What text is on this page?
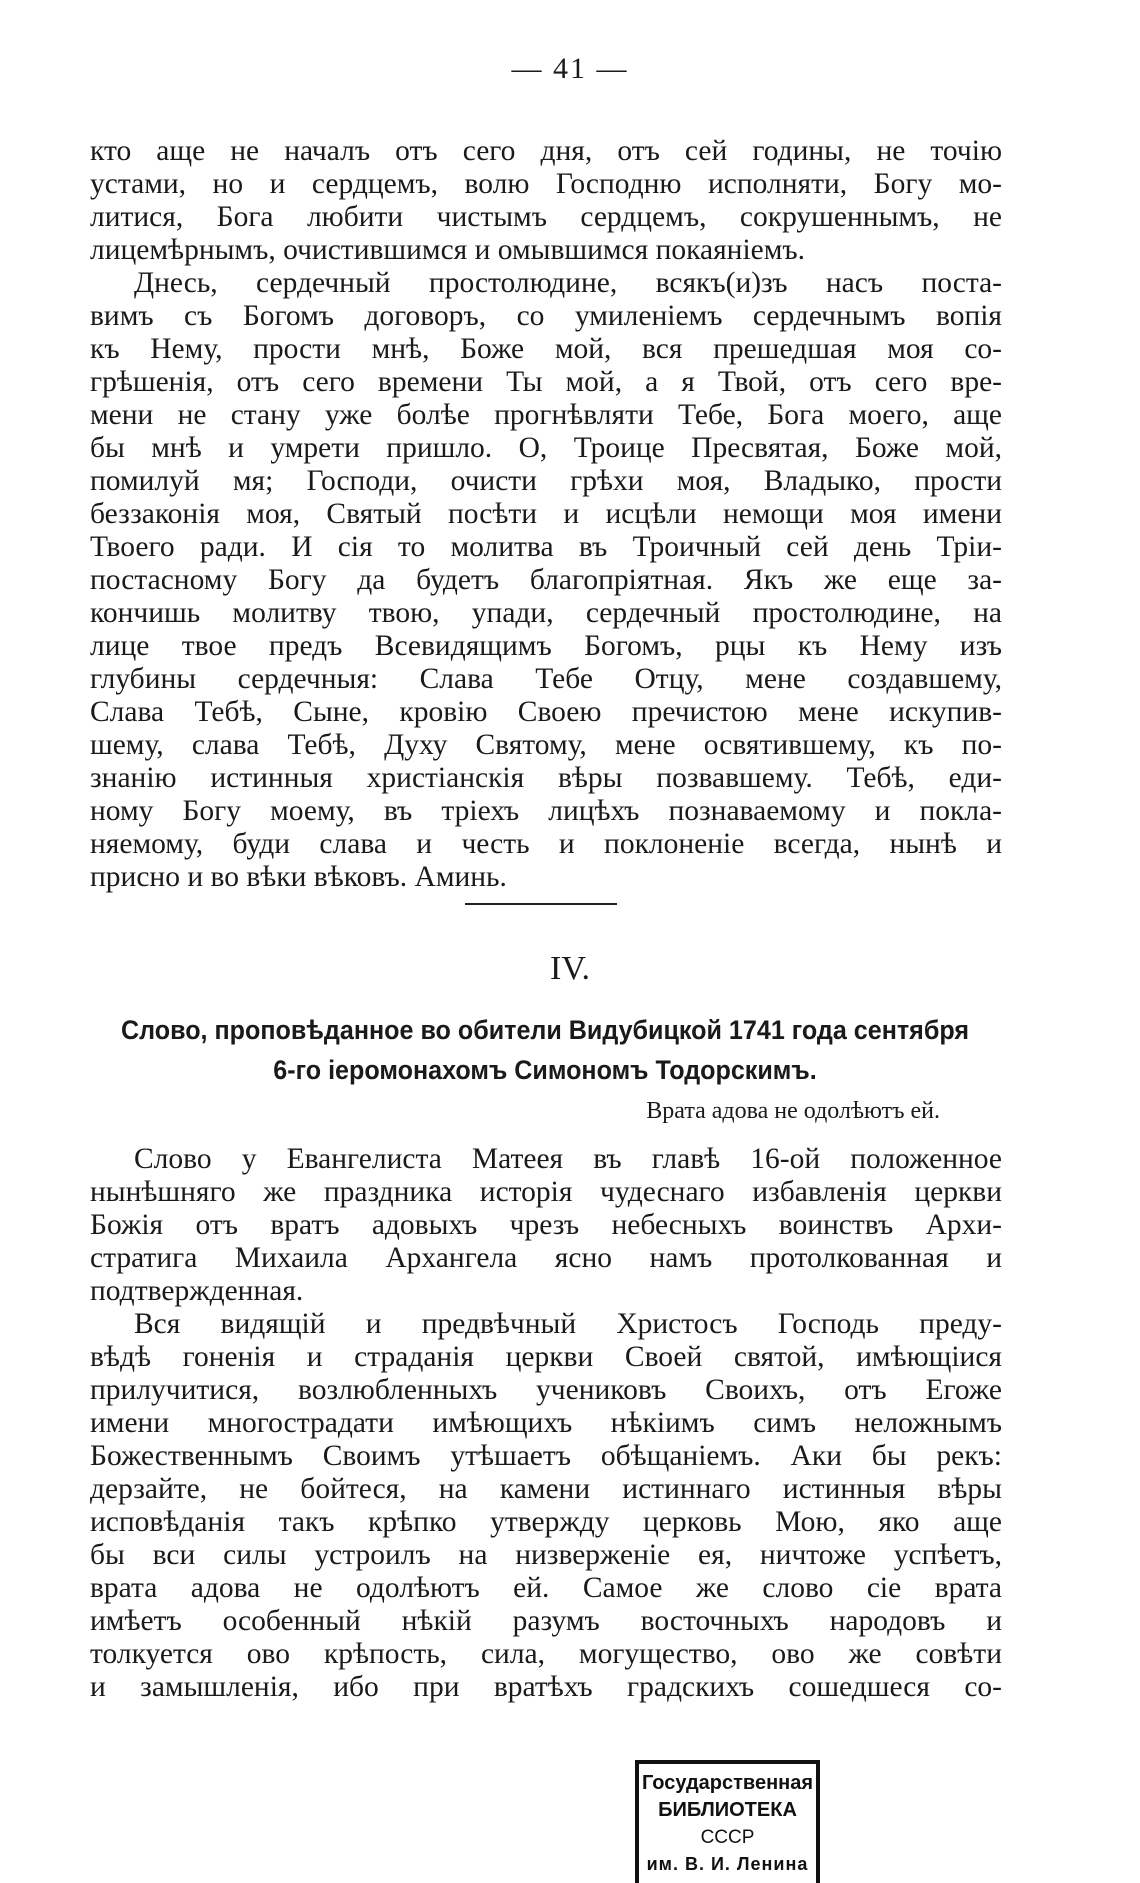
— 41 —
кто аще не началъ отъ сего дня, отъ сей годины, не точію
устами, но и сердцемъ, волю Господню исполняти, Богу мо-
литися, Бога любити чистымъ сердцемъ, сокрушеннымъ, не
лицемѣрнымъ, очистившимся и омывшимся покаяніемъ.
Днесь, сердечный простолюдине, всякъ(и)зъ насъ поста-
вимъ съ Богомъ договоръ, со умиленіемъ сердечнымъ вопія
къ Нему, прости мнѣ, Боже мой, вся прешедшая моя со-
грѣшенія, отъ сего времени Ты мой, а я Твой, отъ сего вре-
мени не стану уже болѣе прогнѣвляти Тебе, Бога моего, аще
бы мнѣ и умрети пришло. О, Троице Пресвятая, Боже мой,
помилуй мя; Господи, очисти грѣхи моя, Владыко, прости
беззаконія моя, Святый посѣти и исцѣли немощи моя имени
Твоего ради. И сія то молитва въ Троичный сей день Тріи-
постасному Богу да будетъ благопріятная. Якъ же еще за-
кончишь молитву твою, упади, сердечный простолюдине, на
лице твое предъ Всевидящимъ Богомъ, рцы къ Нему изъ
глубины сердечныя: Слава Тебе Отцу, мене создавшему,
Слава Тебѣ, Сыне, кровію Своею пречистою мене искупив-
шему, слава Тебѣ, Духу Святому, мене освятившему, къ по-
знанію истинныя христіанскія вѣры позвавшему. Тебѣ, еди-
ному Богу моему, въ тріехъ лицѣхъ познаваемому и покла-
няемому, буди слава и честь и поклоненіе всегда, нынѣ и
присно и во вѣки вѣковъ. Аминь.
IV.
Слово, проповѣданное во обители Видубицкой 1741 года сентября
6-го іеромонахомъ Симономъ Тодорскимъ.
Врата адова не одолѣютъ ей.
Слово у Евангелиста Матеея въ главѣ 16-ой положенное
нынѣшняго же праздника исторія чудеснаго избавленія церкви
Божія отъ вратъ адовыхъ чрезъ небесныхъ воинствъ Архи-
стратига Михаила Архангела ясно намъ протолкованная и
подтвержденная.
Вся видящій и предвѣчный Христосъ Господь преду-
вѣдѣ гоненія и страданія церкви Своей святой, имѣющіися
прилучитися, возлюбленныхъ учениковъ Своихъ, отъ Егоже
имени многострадати имѣющихъ нѣкіимъ симъ неложнымъ
Божественнымъ Своимъ утѣшаетъ обѣщаніемъ. Аки бы рекъ:
дерзайте, не бойтеся, на камени истиннаго истинныя вѣры
исповѣданія такъ крѣпко утвержду церковь Мою, яко аще
бы вси силы устроилъ на низверженіе ея, ничтоже успѣетъ,
врата адова не одолѣютъ ей. Самое же слово сіе врата
имѣетъ особенный нѣкій разумъ восточныхъ народовъ и
толкуется ово крѣпость, сила, могущество, ово же совѣти
и замышленія, ибо при вратѣхъ градскихъ сошедшеся со-
Государственная
БИБЛИОТЕКА
СССР
им. В. И. Ленина
